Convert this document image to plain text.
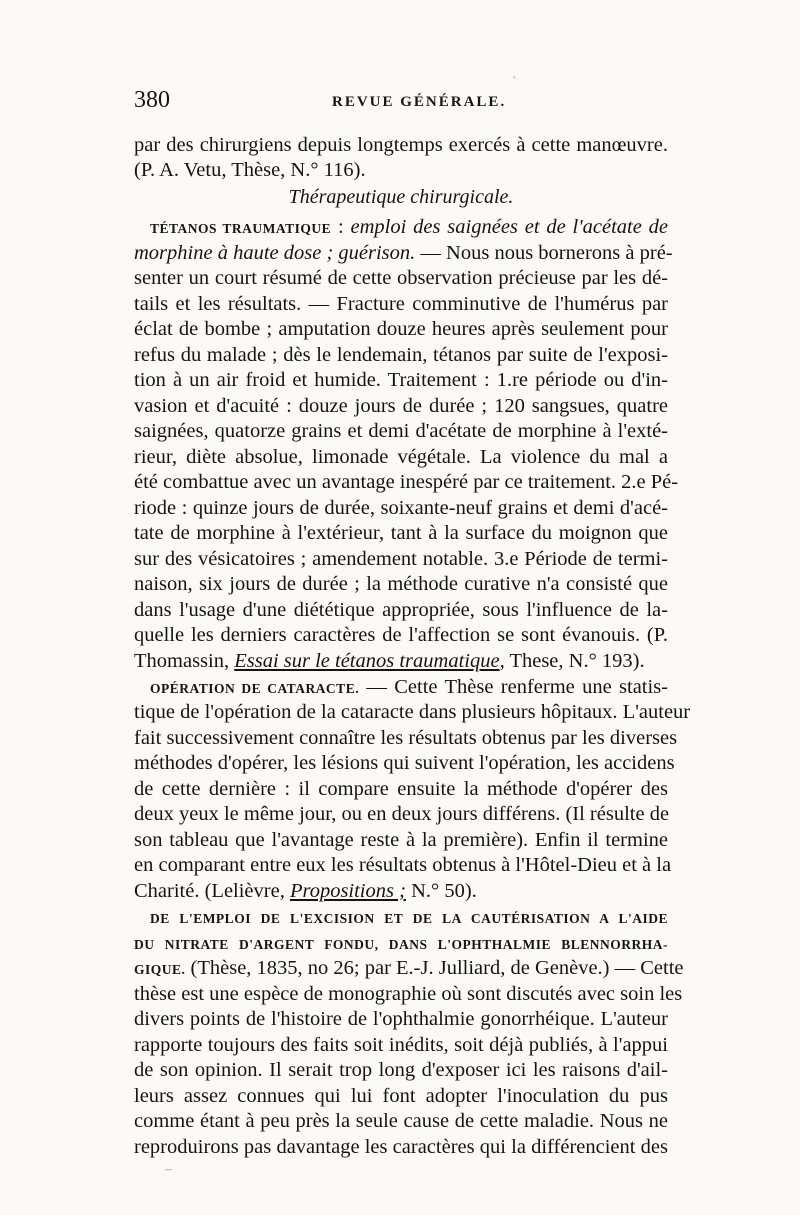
380	REVUE GÉNÉRALE.
par des chirurgiens depuis longtemps exercés à cette manœuvre.
(P. A. Vetu, Thèse, N.° 116).
Thérapeutique chirurgicale.
TÉTANOS TRAUMATIQUE : emploi des saignées et de l'acétate de
morphine à haute dose ; guérison. — Nous nous bornerons à pré-
senter un court résumé de cette observation précieuse par les dé-
tails et les résultats. — Fracture comminutive de l'humérus par
éclat de bombe ; amputation douze heures après seulement pour
refus du malade ; dès le lendemain, tétanos par suite de l'exposi-
tion à un air froid et humide. Traitement : 1.re période ou d'in-
vasion et d'acuité : douze jours de durée ; 120 sangsues, quatre
saignées, quatorze grains et demi d'acétate de morphine à l'exté-
rieur, diète absolue, limonade végétale. La violence du mal a
été combattue avec un avantage inespéré par ce traitement. 2.e Pé-
riode : quinze jours de durée, soixante-neuf grains et demi d'acé-
tate de morphine à l'extérieur, tant à la surface du moignon que
sur des vésicatoires ; amendement notable. 3.e Période de termi-
naison, six jours de durée ; la méthode curative n'a consisté que
dans l'usage d'une diététique appropriée, sous l'influence de la-
quelle les derniers caractères de l'affection se sont évanouis. (P.
Thomassin, Essai sur le tétanos traumatique, These, N.° 193).
OPÉRATION DE CATARACTE. — Cette Thèse renferme une statis-
tique de l'opération de la cataracte dans plusieurs hôpitaux. L'auteur
fait successivement connaître les résultats obtenus par les diverses
méthodes d'opérer, les lésions qui suivent l'opération, les accidens
de cette dernière : il compare ensuite la méthode d'opérer des
deux yeux le même jour, ou en deux jours différens. (Il résulte de
son tableau que l'avantage reste à la première). Enfin il termine
en comparant entre eux les résultats obtenus à l'Hôtel-Dieu et à la
Charité. (Lelièvre, Propositions ; N.° 50).
DE L'EMPLOI DE L'EXCISION ET DE LA CAUTÉRISATION A L'AIDE
DU NITRATE D'ARGENT FONDU, DANS L'OPHTHALMIE BLENNORRHA-
GIQUE. (Thèse, 1835, no 26; par E.-J. Julliard, de Genève.) — Cette
thèse est une espèce de monographie où sont discutés avec soin les
divers points de l'histoire de l'ophthalmie gonorrhéique. L'auteur
rapporte toujours des faits soit inédits, soit déjà publiés, à l'appui
de son opinion. Il serait trop long d'exposer ici les raisons d'ail-
leurs assez connues qui lui font adopter l'inoculation du pus
comme étant à peu près la seule cause de cette maladie. Nous ne
reproduirons pas davantage les caractères qui la différencient des
`
–
